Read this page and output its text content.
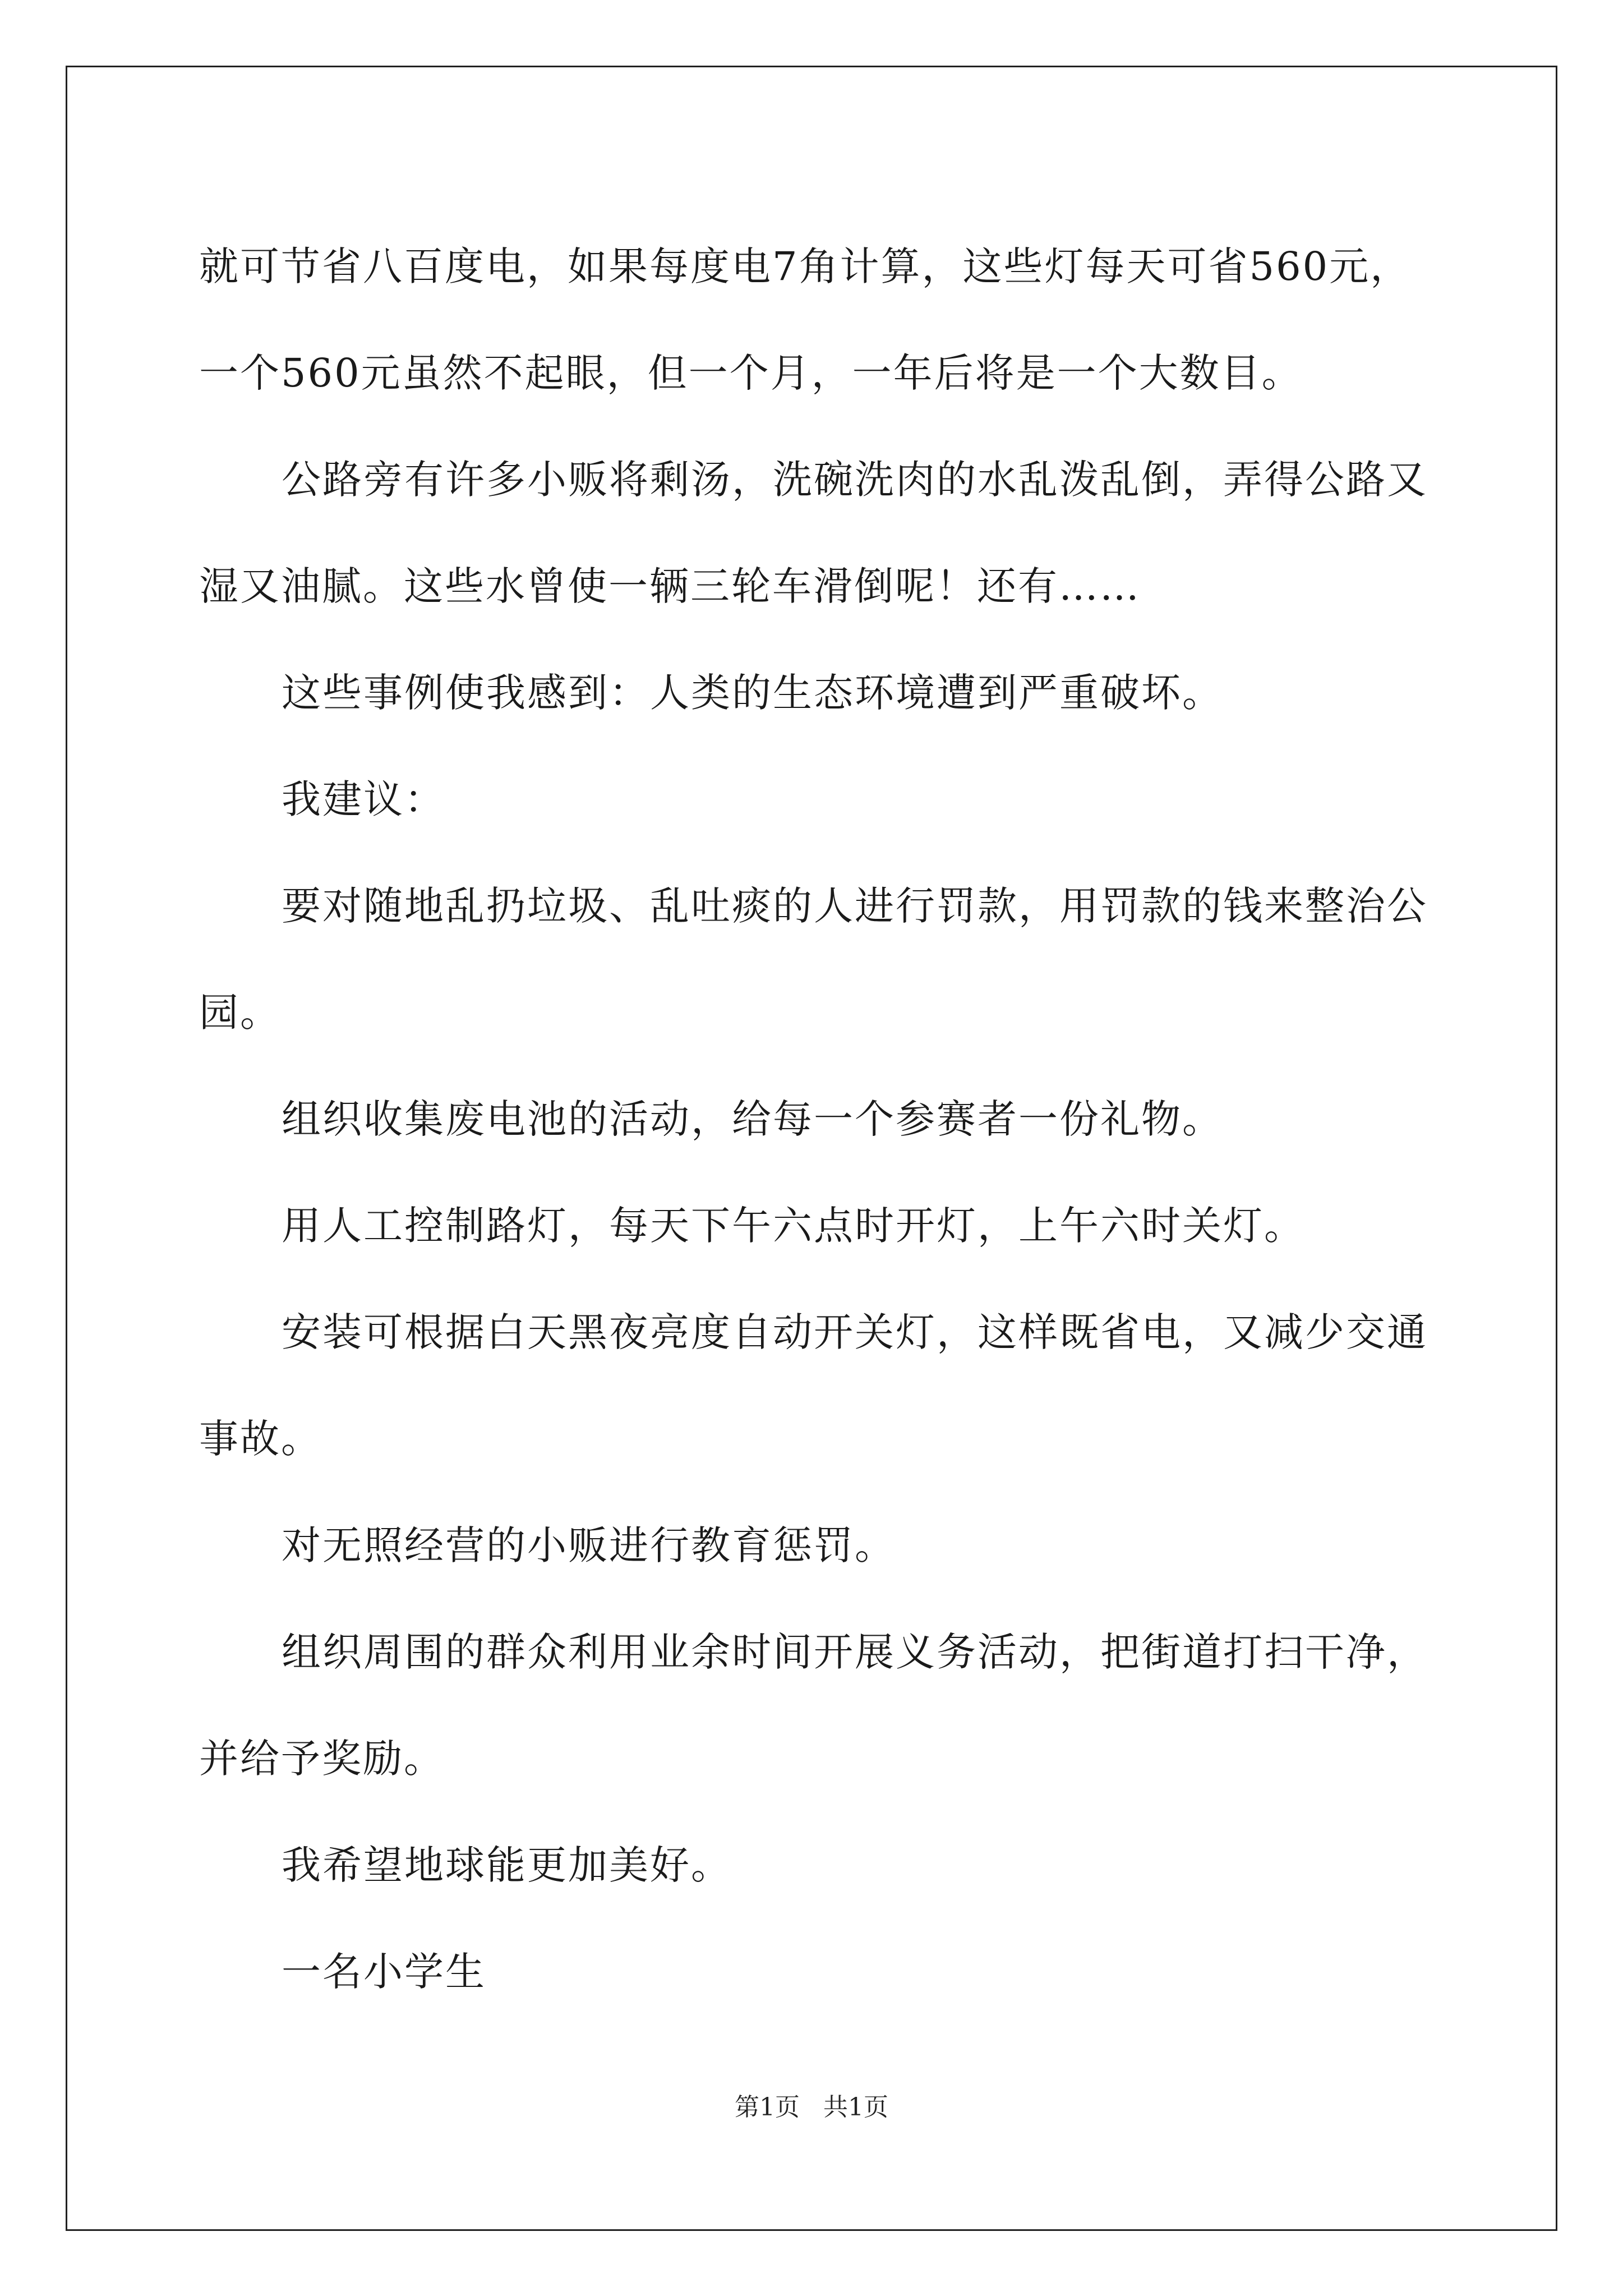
就可节省八百度电，如果每度电7角计算，这些灯每天可省560元，一个560元虽然不起眼，但一个月，一年后将是一个大数目。

公路旁有许多小贩将剩汤，洗碗洗肉的水乱泼乱倒，弄得公路又湿又油腻。这些水曾使一辆三轮车滑倒呢！还有……

这些事例使我感到：人类的生态环境遭到严重破坏。

我建议：

要对随地乱扔垃圾、乱吐痰的人进行罚款，用罚款的钱来整治公园。

组织收集废电池的活动，给每一个参赛者一份礼物。

用人工控制路灯，每天下午六点时开灯，上午六时关灯。

安装可根据白天黑夜亮度自动开关灯，这样既省电，又减少交通事故。

对无照经营的小贩进行教育惩罚。

组织周围的群众利用业余时间开展义务活动，把街道打扫干净，并给予奖励。

我希望地球能更加美好。

一名小学生

第1页 共1页
